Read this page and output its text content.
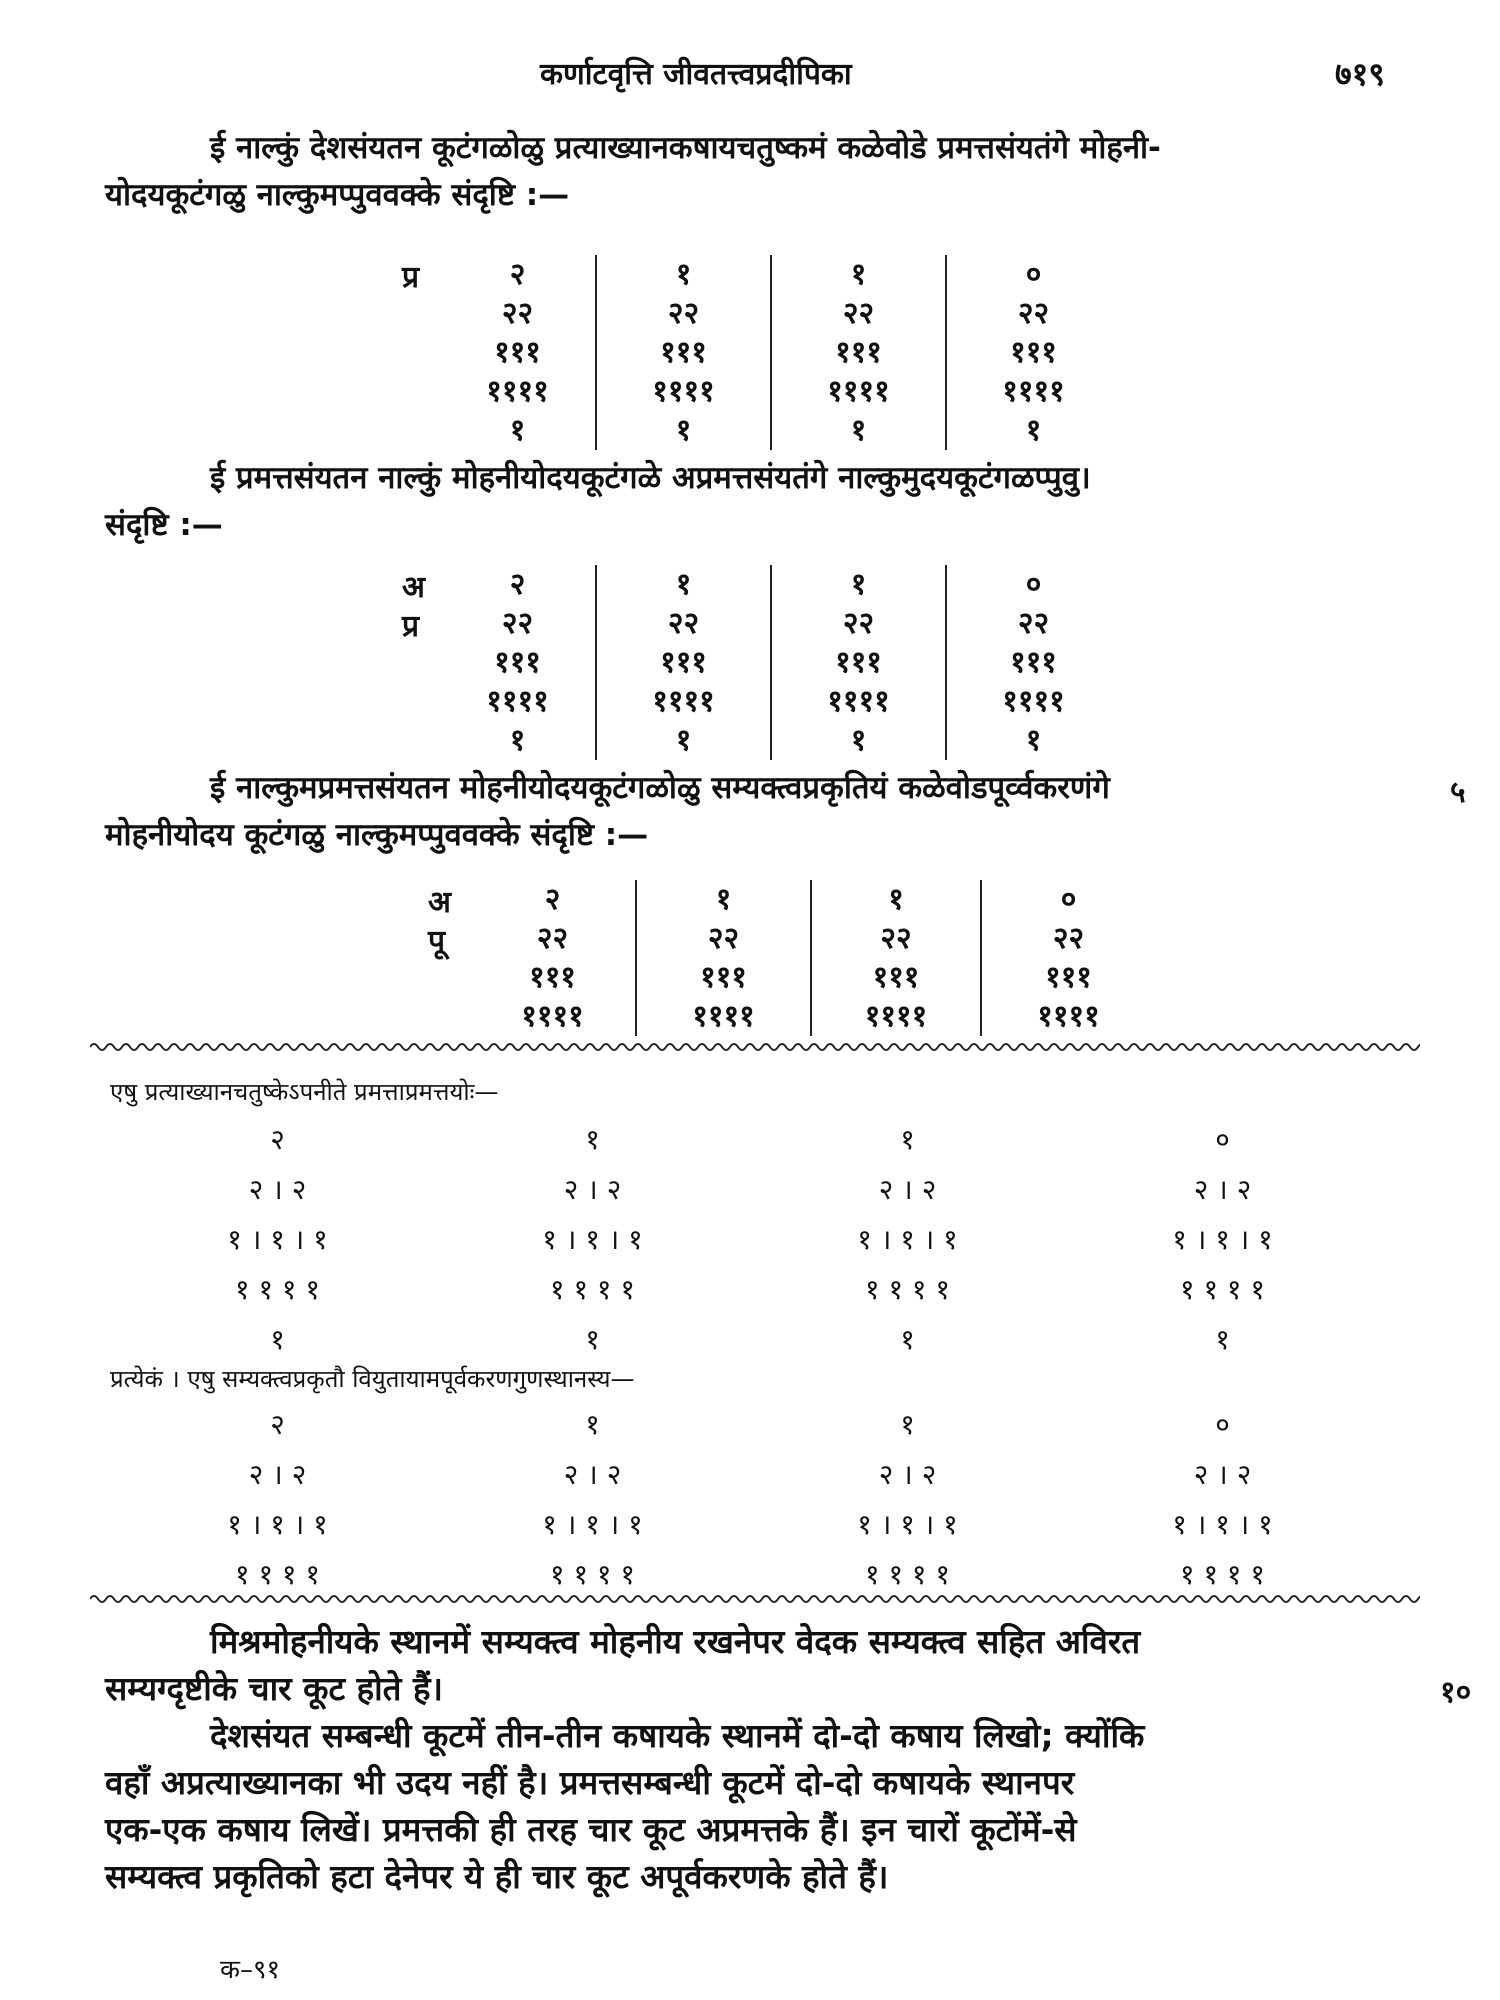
कर्णाटवृत्ति जीवतत्त्वप्रदीपिका	७१९
ई नाल्कुं देशसंयतन कूटंगळोळु प्रत्याख्यानकषायचतुष्कमं कळेवोडे प्रमत्तसंयतंगे मोहनी-
योदयकूटंगळु नाल्कुमप्पुववक्के संदृष्टि :—
प्र	२
२२
१११
११११
१
१
२२
१११
११११
१
१
२२
१११
११११
१
०
२२
१११
११११
१
ई प्रमत्तसंयतन नाल्कुं मोहनीयोदयकूटंगळे अप्रमत्तसंयतंगे नाल्कुमुदयकूटंगळप्पुवु।
संदृष्टि :—
अ
प्र
२
२२
१११
११११
१
१
२२
१११
११११
१
१
२२
१११
११११
१
०
२२
१११
११११
१
ई नाल्कुमप्रमत्तसंयतन मोहनीयोदयकूटंगळोळु सम्यक्त्वप्रकृतियं कळेवोडपूर्व्वकरणंगे
मोहनीयोदय कूटंगळु नाल्कुमप्पुववक्के संदृष्टि :—
५
अ
पू
२
२२
१११
११११
१
२२
१११
११११
१
२२
१११
११११
०
२२
१११
११११
एषु प्रत्याख्यानचतुष्केऽपनीते प्रमत्ताप्रमत्तयोः—
२
२ । २
१ । १ । १
१ १ १ १
१
१
२ । २
१ । १ । १
१ १ १ १
१
१
२ । २
१ । १ । १
१ १ १ १
१
०
२ । २
१ । १ । १
१ १ १ १
१
प्रत्येकं । एषु सम्यक्त्वप्रकृतौ वियुतायामपूर्वकरणगुणस्थानस्य—
२
२ । २
१ । १ । १
१ १ १ १
१
२ । २
१ । १ । १
१ १ १ १
१
२ । २
१ । १ । १
१ १ १ १
०
२ । २
१ । १ । १
१ १ १ १
मिश्रमोहनीयके स्थानमें सम्यक्त्व मोहनीय रखनेपर वेदक सम्यक्त्व सहित अविरत
सम्यग्दृष्टीके चार कूट होते हैं।
देशसंयत सम्बन्धी कूटमें तीन-तीन कषायके स्थानमें दो-दो कषाय लिखो; क्योंकि
वहाँ अप्रत्याख्यानका भी उदय नहीं है। प्रमत्तसम्बन्धी कूटमें दो-दो कषायके स्थानपर
एक-एक कषाय लिखें। प्रमत्तकी ही तरह चार कूट अप्रमत्तके हैं। इन चारों कूटोंमें-से
सम्यक्त्व प्रकृतिको हटा देनेपर ये ही चार कूट अपूर्वकरणके होते हैं।
१०
क–९१
